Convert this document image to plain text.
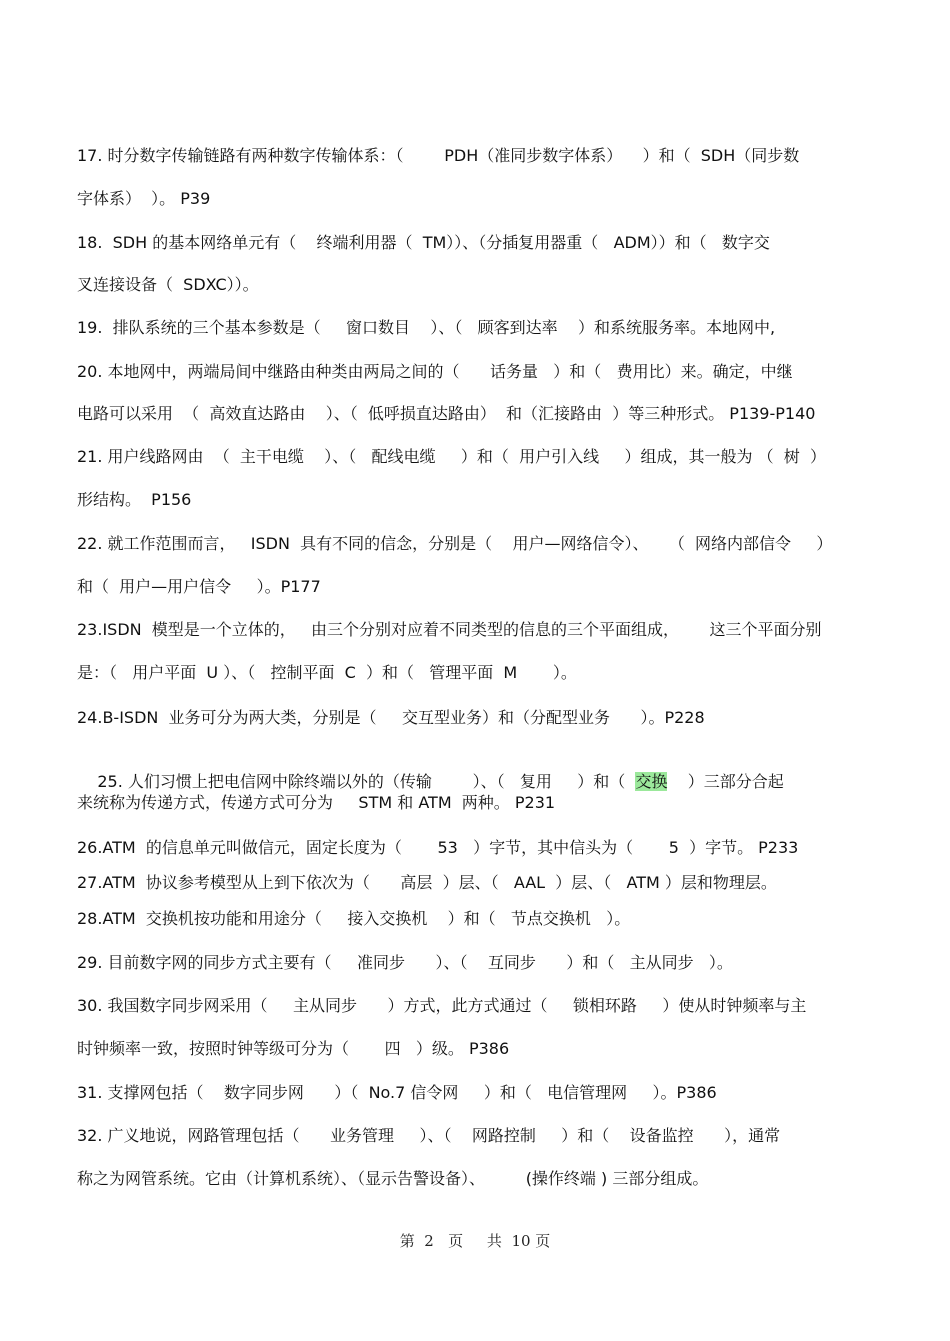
17. 时分数字传输链路有两种数字传输体系：（        PDH（准同步数字体系）    ）和（  SDH（同步数
字体系）  ）。 P39
18.  SDH 的基本网络单元有（    终端利用器（  TM））、（分插复用器重（   ADM））和（   数字交
叉连接设备（  SDXC））。
19.  排队系统的三个基本参数是（     窗口数目    ）、（   顾客到达率    ）和系统服务率。本地网中,
20. 本地网中，两端局间中继路由种类由两局之间的（      话务量   ）和（   费用比）来。确定，中继
电路可以采用  （  高效直达路由    ）、（  低呼损直达路由）  和（汇接路由  ）等三种形式。 P139-P140
21. 用户线路网由  （  主干电缆    ）、（   配线电缆     ）和（  用户引入线     ）组成，其一般为 （  树  ）
形结构。  P156
22. 就工作范围而言，   ISDN  具有不同的信念，分别是（    用户—网络信令）、    （  网络内部信令     ）
和（  用户—用户信令     ）。P177
23.ISDN  模型是一个立体的，   由三个分别对应着不同类型的信息的三个平面组成，      这三个平面分别
是：（   用户平面  U ）、（   控制平面  C  ）和（   管理平面  M       ）。
24.B-ISDN  业务可分为两大类，分别是（     交互型业务）和（分配型业务      ）。P228

25. 人们习惯上把电信网中除终端以外的（传输        ）、（   复用     ）和（  交换    ）三部分合起

来统称为传递方式，传递方式可分为     STM 和 ATM  两种。 P231
26.ATM  的信息单元叫做信元，固定长度为（       53   ）字节，其中信头为（       5  ）字节。 P233
27.ATM  协议参考模型从上到下依次为（      高层  ）层、（   AAL  ）层、（   ATM ）层和物理层。
28.ATM  交换机按功能和用途分（     接入交换机    ）和（   节点交换机   ）。
29. 目前数字网的同步方式主要有（     准同步      ）、（    互同步      ）和（   主从同步   ）。
30. 我国数字同步网采用（     主从同步      ）方式，此方式通过（     锁相环路     ）使从时钟频率与主
时钟频率一致，按照时钟等级可分为（       四   ）级。 P386
31. 支撑网包括（    数字同步网      ）（  No.7 信令网     ）和（   电信管理网     ）。P386
32. 广义地说，网路管理包括（      业务管理     ）、（    网路控制     ）和（    设备监控      ），通常
称之为网管系统。它由（计算机系统）、（显示告警设备）、        (操作终端 ) 三部分组成。
第  2   页     共  10 页
